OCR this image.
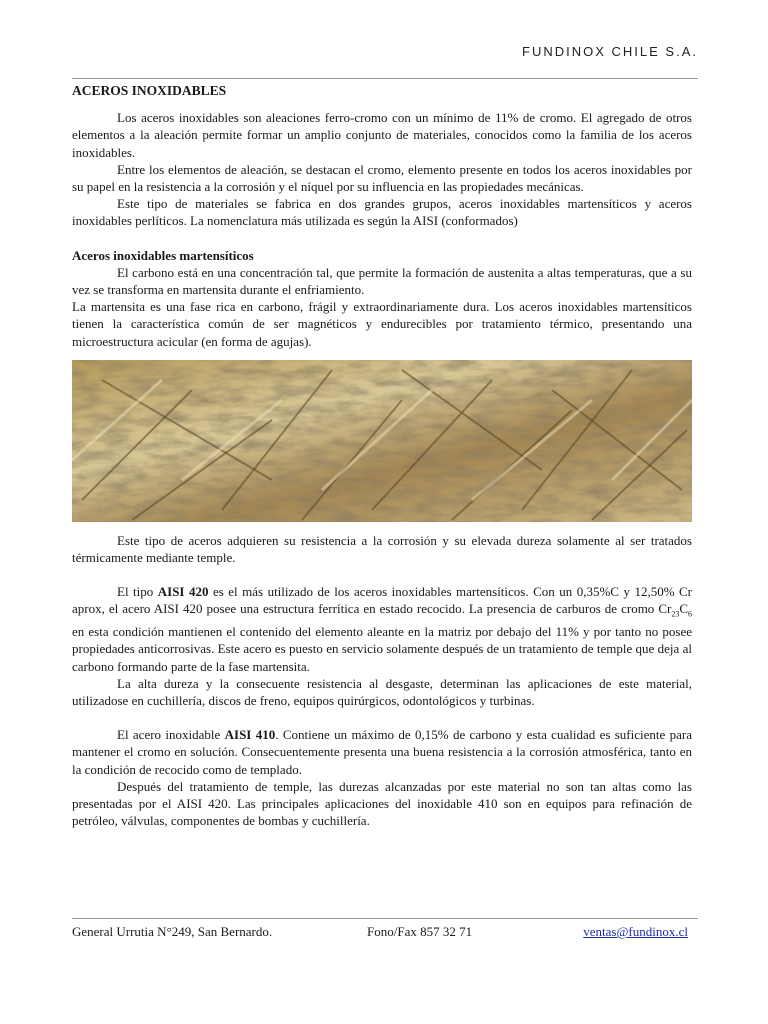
FUNDINOX CHILE S.A.
ACEROS INOXIDABLES

Los aceros inoxidables son aleaciones ferro-cromo con un mínimo de 11% de cromo. El agregado de otros elementos a la aleación permite formar un amplio conjunto de materiales, conocidos como la familia de los aceros inoxidables.

Entre los elementos de aleación, se destacan el cromo, elemento presente en todos los aceros inoxidables por su papel en la resistencia a la corrosión y el níquel por su influencia en las propiedades mecánicas.

Este tipo de materiales se fabrica en dos grandes grupos, aceros inoxidables martensíticos y aceros inoxidables perlíticos. La nomenclatura más utilizada es según la AISI (conformados)

Aceros inoxidables martensíticos

El carbono está en una concentración tal, que permite la formación de austenita a altas temperaturas, que a su vez se transforma en martensita durante el enfriamiento.

La martensita es una fase rica en carbono, frágil y extraordinariamente dura. Los aceros inoxidables martensíticos tienen la característica común de ser magnéticos y endurecibles por tratamiento térmico, presentando una microestructura acicular (en forma de agujas).

Este tipo de aceros adquieren su resistencia a la corrosión y su elevada dureza solamente al ser tratados térmicamente mediante temple.

El tipo AISI 420 es el más utilizado de los aceros inoxidables martensíticos. Con un 0,35%C y 12,50% Cr aprox, el acero AISI 420 posee una estructura ferrítica en estado recocido. La presencia de carburos de cromo $Cr_{23}C_6$ en esta condición mantienen el contenido del elemento aleante en la matriz por debajo del 11% y por tanto no posee propiedades anticorrosivas. Este acero es puesto en servicio solamente después de un tratamiento de temple que deja al carbono formando parte de la fase martensita.

La alta dureza y la consecuente resistencia al desgaste, determinan las aplicaciones de este material, utilizadose en cuchillería, discos de freno, equipos quirúrgicos, odontológicos y turbinas.

El acero inoxidable AISI 410. Contiene un máximo de 0,15% de carbono y esta cualidad es suficiente para mantener el cromo en solución. Consecuentemente presenta una buena resistencia a la corrosión atmosférica, tanto en la condición de recocido como de templado.

Después del tratamiento de temple, las durezas alcanzadas por este material no son tan altas como las presentadas por el AISI 420. Las principales aplicaciones del inoxidable 410 son en equipos para refinación de petróleo, válvulas, componentes de bombas y cuchillería.

General Urrutia N°249, San Bernardo.	Fono/Fax 857 32 71	ventas@fundinox.cl
